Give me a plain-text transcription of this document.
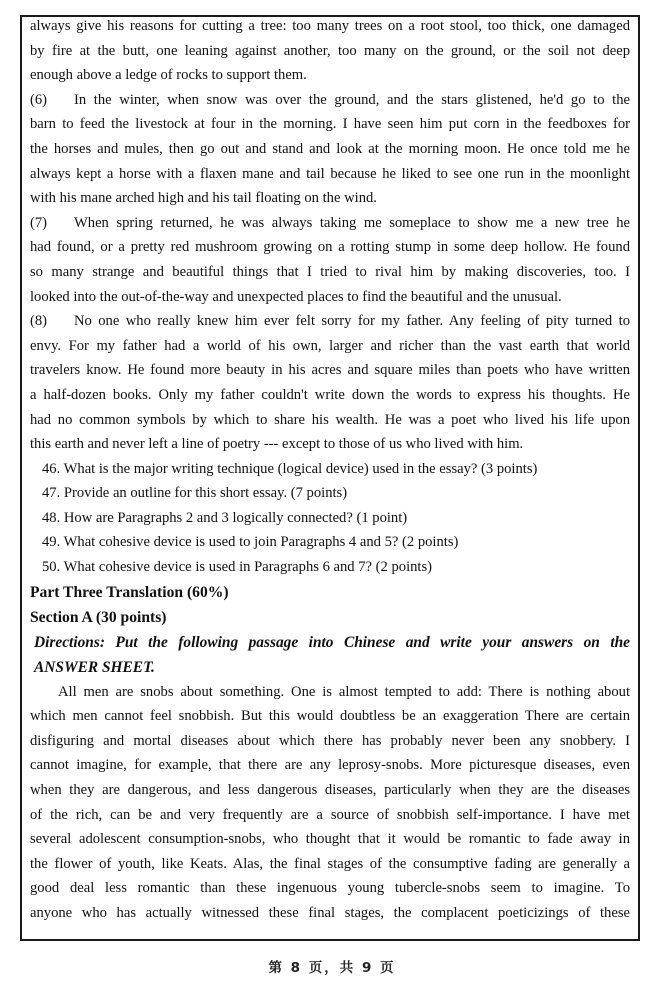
always give his reasons for cutting a tree: too many trees on a root stool, too thick, one damaged
by fire at the butt, one leaning against another, too many on the ground, or the soil not deep
enough above a ledge of rocks to support them.
(6) In the winter, when snow was over the ground, and the stars glistened, he'd go to the
barn to feed the livestock at four in the morning. I have seen him put corn in the feedboxes for
the horses and mules, then go out and stand and look at the morning moon. He once told me he
always kept a horse with a flaxen mane and tail because he liked to see one run in the moonlight
with his mane arched high and his tail floating on the wind.
(7) When spring returned, he was always taking me someplace to show me a new tree he
had found, or a pretty red mushroom growing on a rotting stump in some deep hollow. He found
so many strange and beautiful things that I tried to rival him by making discoveries, too. I
looked into the out-of-the-way and unexpected places to find the beautiful and the unusual.
(8) No one who really knew him ever felt sorry for my father. Any feeling of pity turned to
envy. For my father had a world of his own, larger and richer than the vast earth that world
travelers know. He found more beauty in his acres and square miles than poets who have written
a half-dozen books. Only my father couldn't write down the words to express his thoughts. He
had no common symbols by which to share his wealth. He was a poet who lived his life upon
this earth and never left a line of poetry --- except to those of us who lived with him.
46. What is the major writing technique (logical device) used in the essay? (3 points)
47. Provide an outline for this short essay. (7 points)
48. How are Paragraphs 2 and 3 logically connected? (1 point)
49. What cohesive device is used to join Paragraphs 4 and 5? (2 points)
50. What cohesive device is used in Paragraphs 6 and 7? (2 points)
Part Three Translation (60%)
Section A (30 points)
Directions: Put the following passage into Chinese and write your answers on the
ANSWER SHEET.
All men are snobs about something. One is almost tempted to add: There is nothing about
which men cannot feel snobbish. But this would doubtless be an exaggeration There are certain
disfiguring and mortal diseases about which there has probably never been any snobbery. I
cannot imagine, for example, that there are any leprosy-snobs. More picturesque diseases, even
when they are dangerous, and less dangerous diseases, particularly when they are the diseases
of the rich, can be and very frequently are a source of snobbish self-importance. I have met
several adolescent consumption-snobs, who thought that it would be romantic to fade away in
the flower of youth, like Keats. Alas, the final stages of the consumptive fading are generally a
good deal less romantic than these ingenuous young tubercle-snobs seem to imagine. To
anyone who has actually witnessed these final stages, the complacent poeticizings of these
第 8 页，共 9 页
